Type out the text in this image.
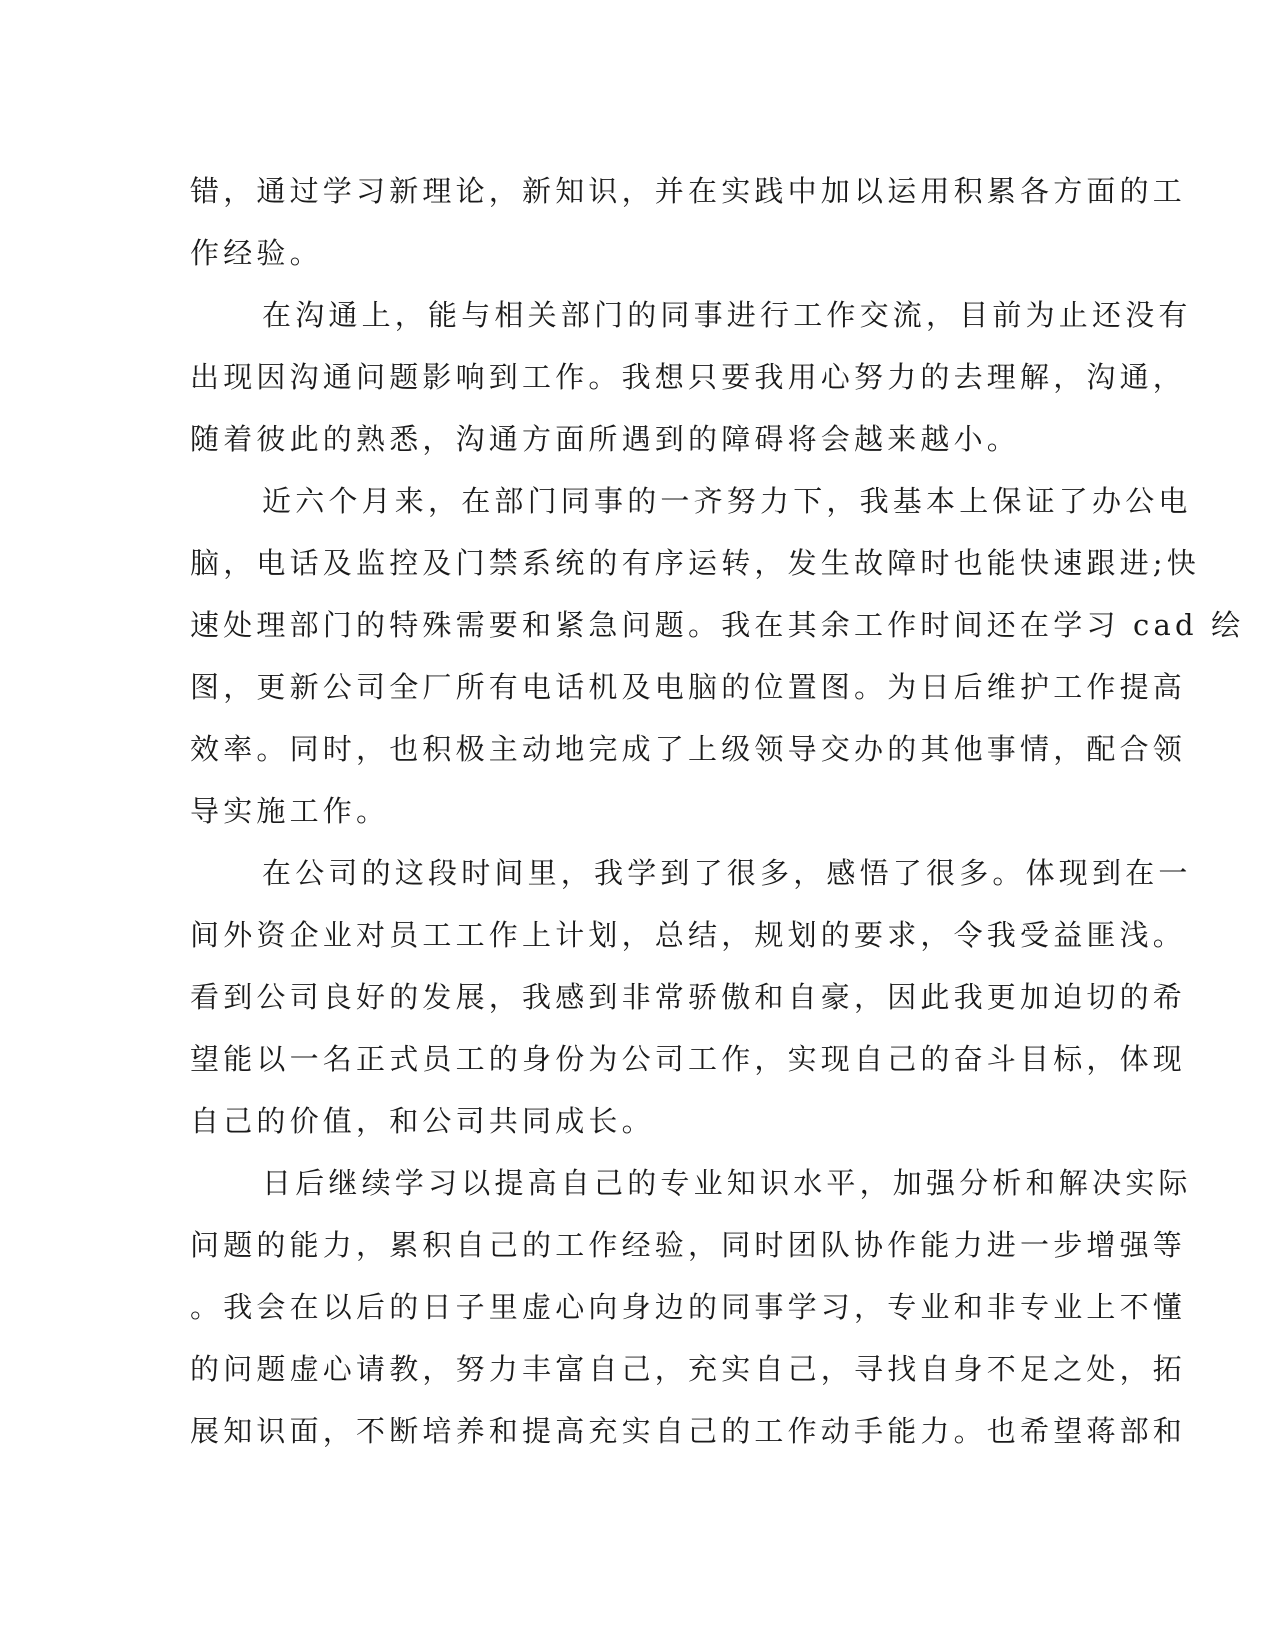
错，通过学习新理论，新知识，并在实践中加以运用积累各方面的工
作经验。
在沟通上，能与相关部门的同事进行工作交流，目前为止还没有
出现因沟通问题影响到工作。我想只要我用心努力的去理解，沟通，
随着彼此的熟悉，沟通方面所遇到的障碍将会越来越小。
近六个月来，在部门同事的一齐努力下，我基本上保证了办公电
脑，电话及监控及门禁系统的有序运转，发生故障时也能快速跟进;快
速处理部门的特殊需要和紧急问题。我在其余工作时间还在学习 cad 绘
图，更新公司全厂所有电话机及电脑的位置图。为日后维护工作提高
效率。同时，也积极主动地完成了上级领导交办的其他事情，配合领
导实施工作。
在公司的这段时间里，我学到了很多，感悟了很多。体现到在一
间外资企业对员工工作上计划，总结，规划的要求，令我受益匪浅。
看到公司良好的发展，我感到非常骄傲和自豪，因此我更加迫切的希
望能以一名正式员工的身份为公司工作，实现自己的奋斗目标，体现
自己的价值，和公司共同成长。
日后继续学习以提高自己的专业知识水平，加强分析和解决实际
问题的能力，累积自己的工作经验，同时团队协作能力进一步增强等
。我会在以后的日子里虚心向身边的同事学习，专业和非专业上不懂
的问题虚心请教，努力丰富自己，充实自己，寻找自身不足之处，拓
展知识面，不断培养和提高充实自己的工作动手能力。也希望蒋部和
